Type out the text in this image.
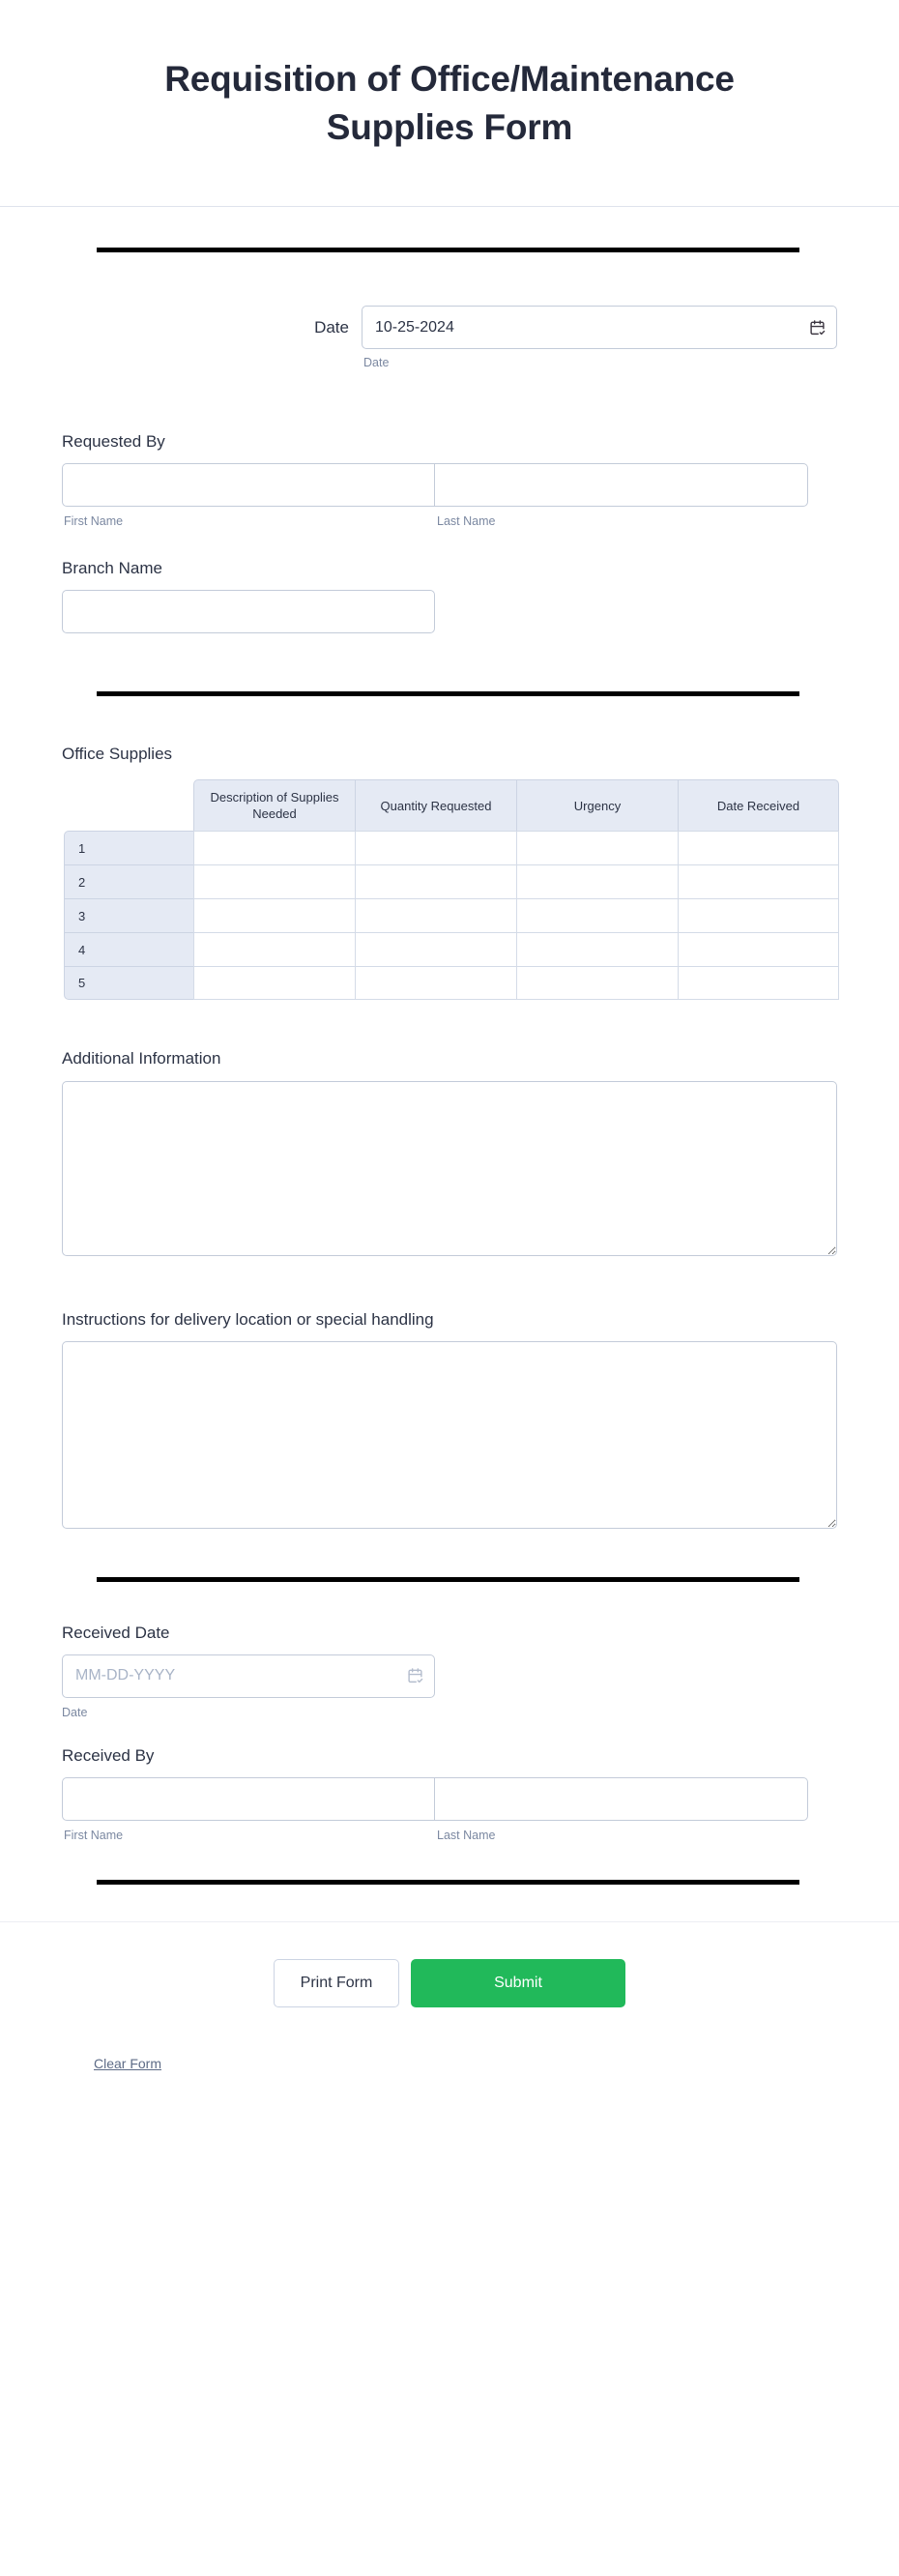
Requisition of Office/Maintenance Supplies Form
Date
10-25-2024
Date
Requested By
First Name	Last Name
Branch Name
Office Supplies
	Description of Supplies Needed	Quantity Requested	Urgency	Date Received
1				
2				
3				
4				
5				
Additional Information
Instructions for delivery location or special handling
Received Date
MM-DD-YYYY
Date
Received By
First Name	Last Name
Print Form	Submit
Clear Form
